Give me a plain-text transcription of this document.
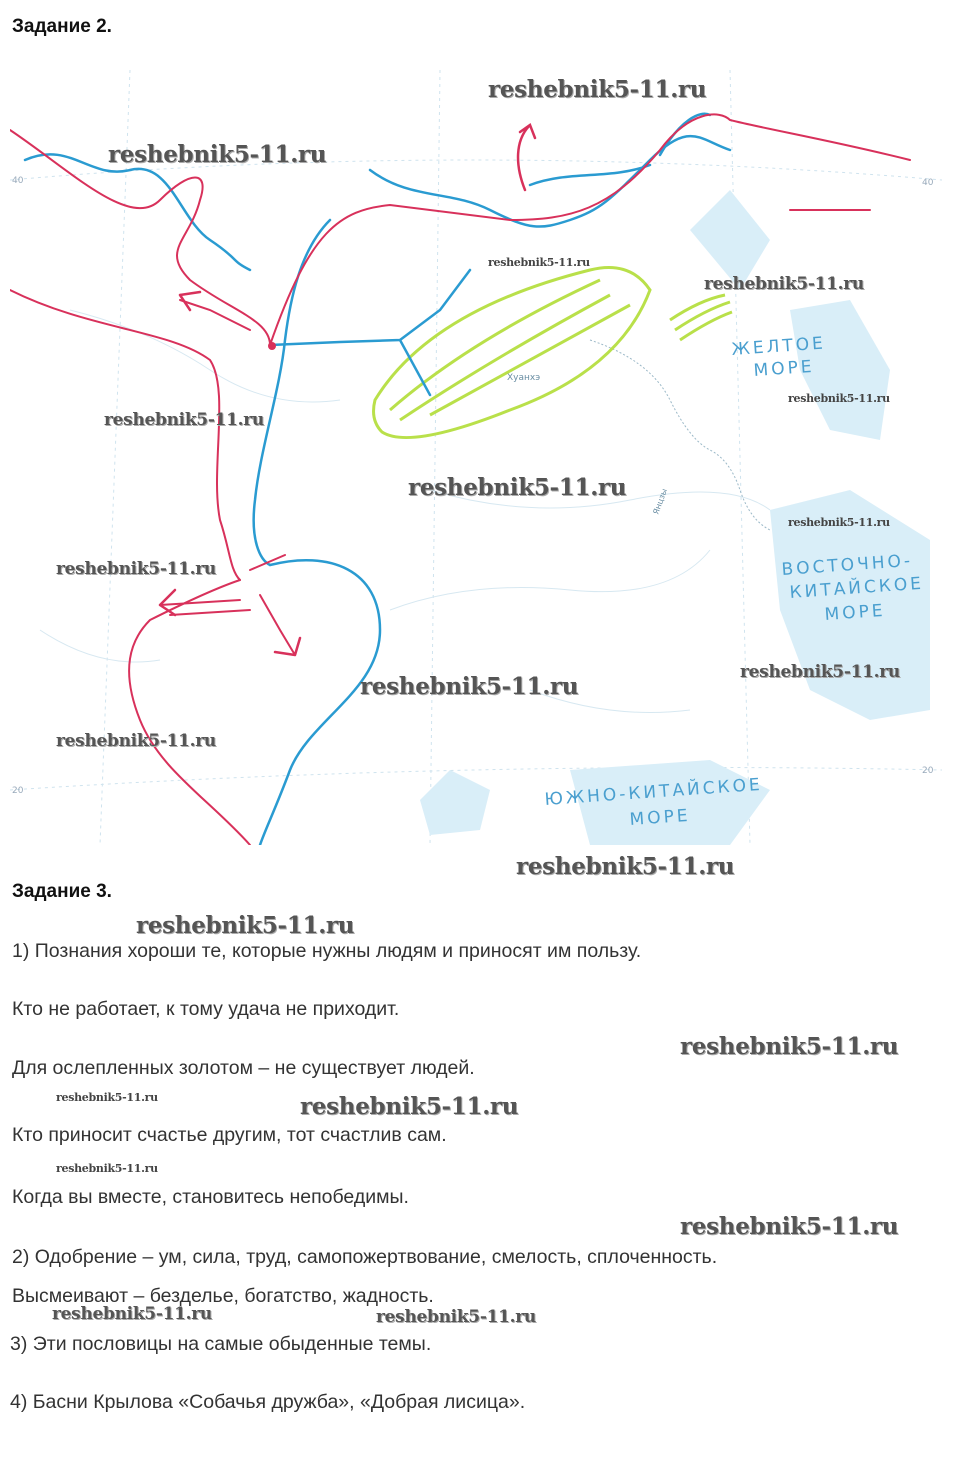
Задание 2.
ЖЕЛТОЕ
МОРЕ
ВОСТОЧНО-
КИТАЙСКОЕ
МОРЕ
ЮЖНО-КИТАЙСКОЕ
МОРЕ
Хуанхэ
Янцзы
40	40
20
20
reshebnik5-11.ru
reshebnik5-11.ru
reshebnik5-11.ru
reshebnik5-11.ru
reshebnik5-11.ru
reshebnik5-11.ru
reshebnik5-11.ru
reshebnik5-11.ru
reshebnik5-11.ru
reshebnik5-11.ru
reshebnik5-11.ru
reshebnik5-11.ru
reshebnik5-11.ru
reshebnik5-11.ru
reshebnik5-11.ru
reshebnik5-11.ru	reshebnik5-11.ru
reshebnik5-11.ru
reshebnik5-11.ru
reshebnik5-11.ru	reshebnik5-11.ru
Задание 3.
1) Познания хороши те, которые нужны людям и приносят им пользу.
Кто не работает, к тому удача не приходит.
Для ослепленных золотом – не существует людей.
Кто приносит счастье другим, тот счастлив сам.
Когда вы вместе, становитесь непобедимы.
2) Одобрение – ум, сила, труд, самопожертвование, смелость, сплоченность.
Высмеивают – безделье, богатство, жадность.
3) Эти пословицы на самые обыденные темы.
4) Басни Крылова «Собачья дружба», «Добрая лисица».
